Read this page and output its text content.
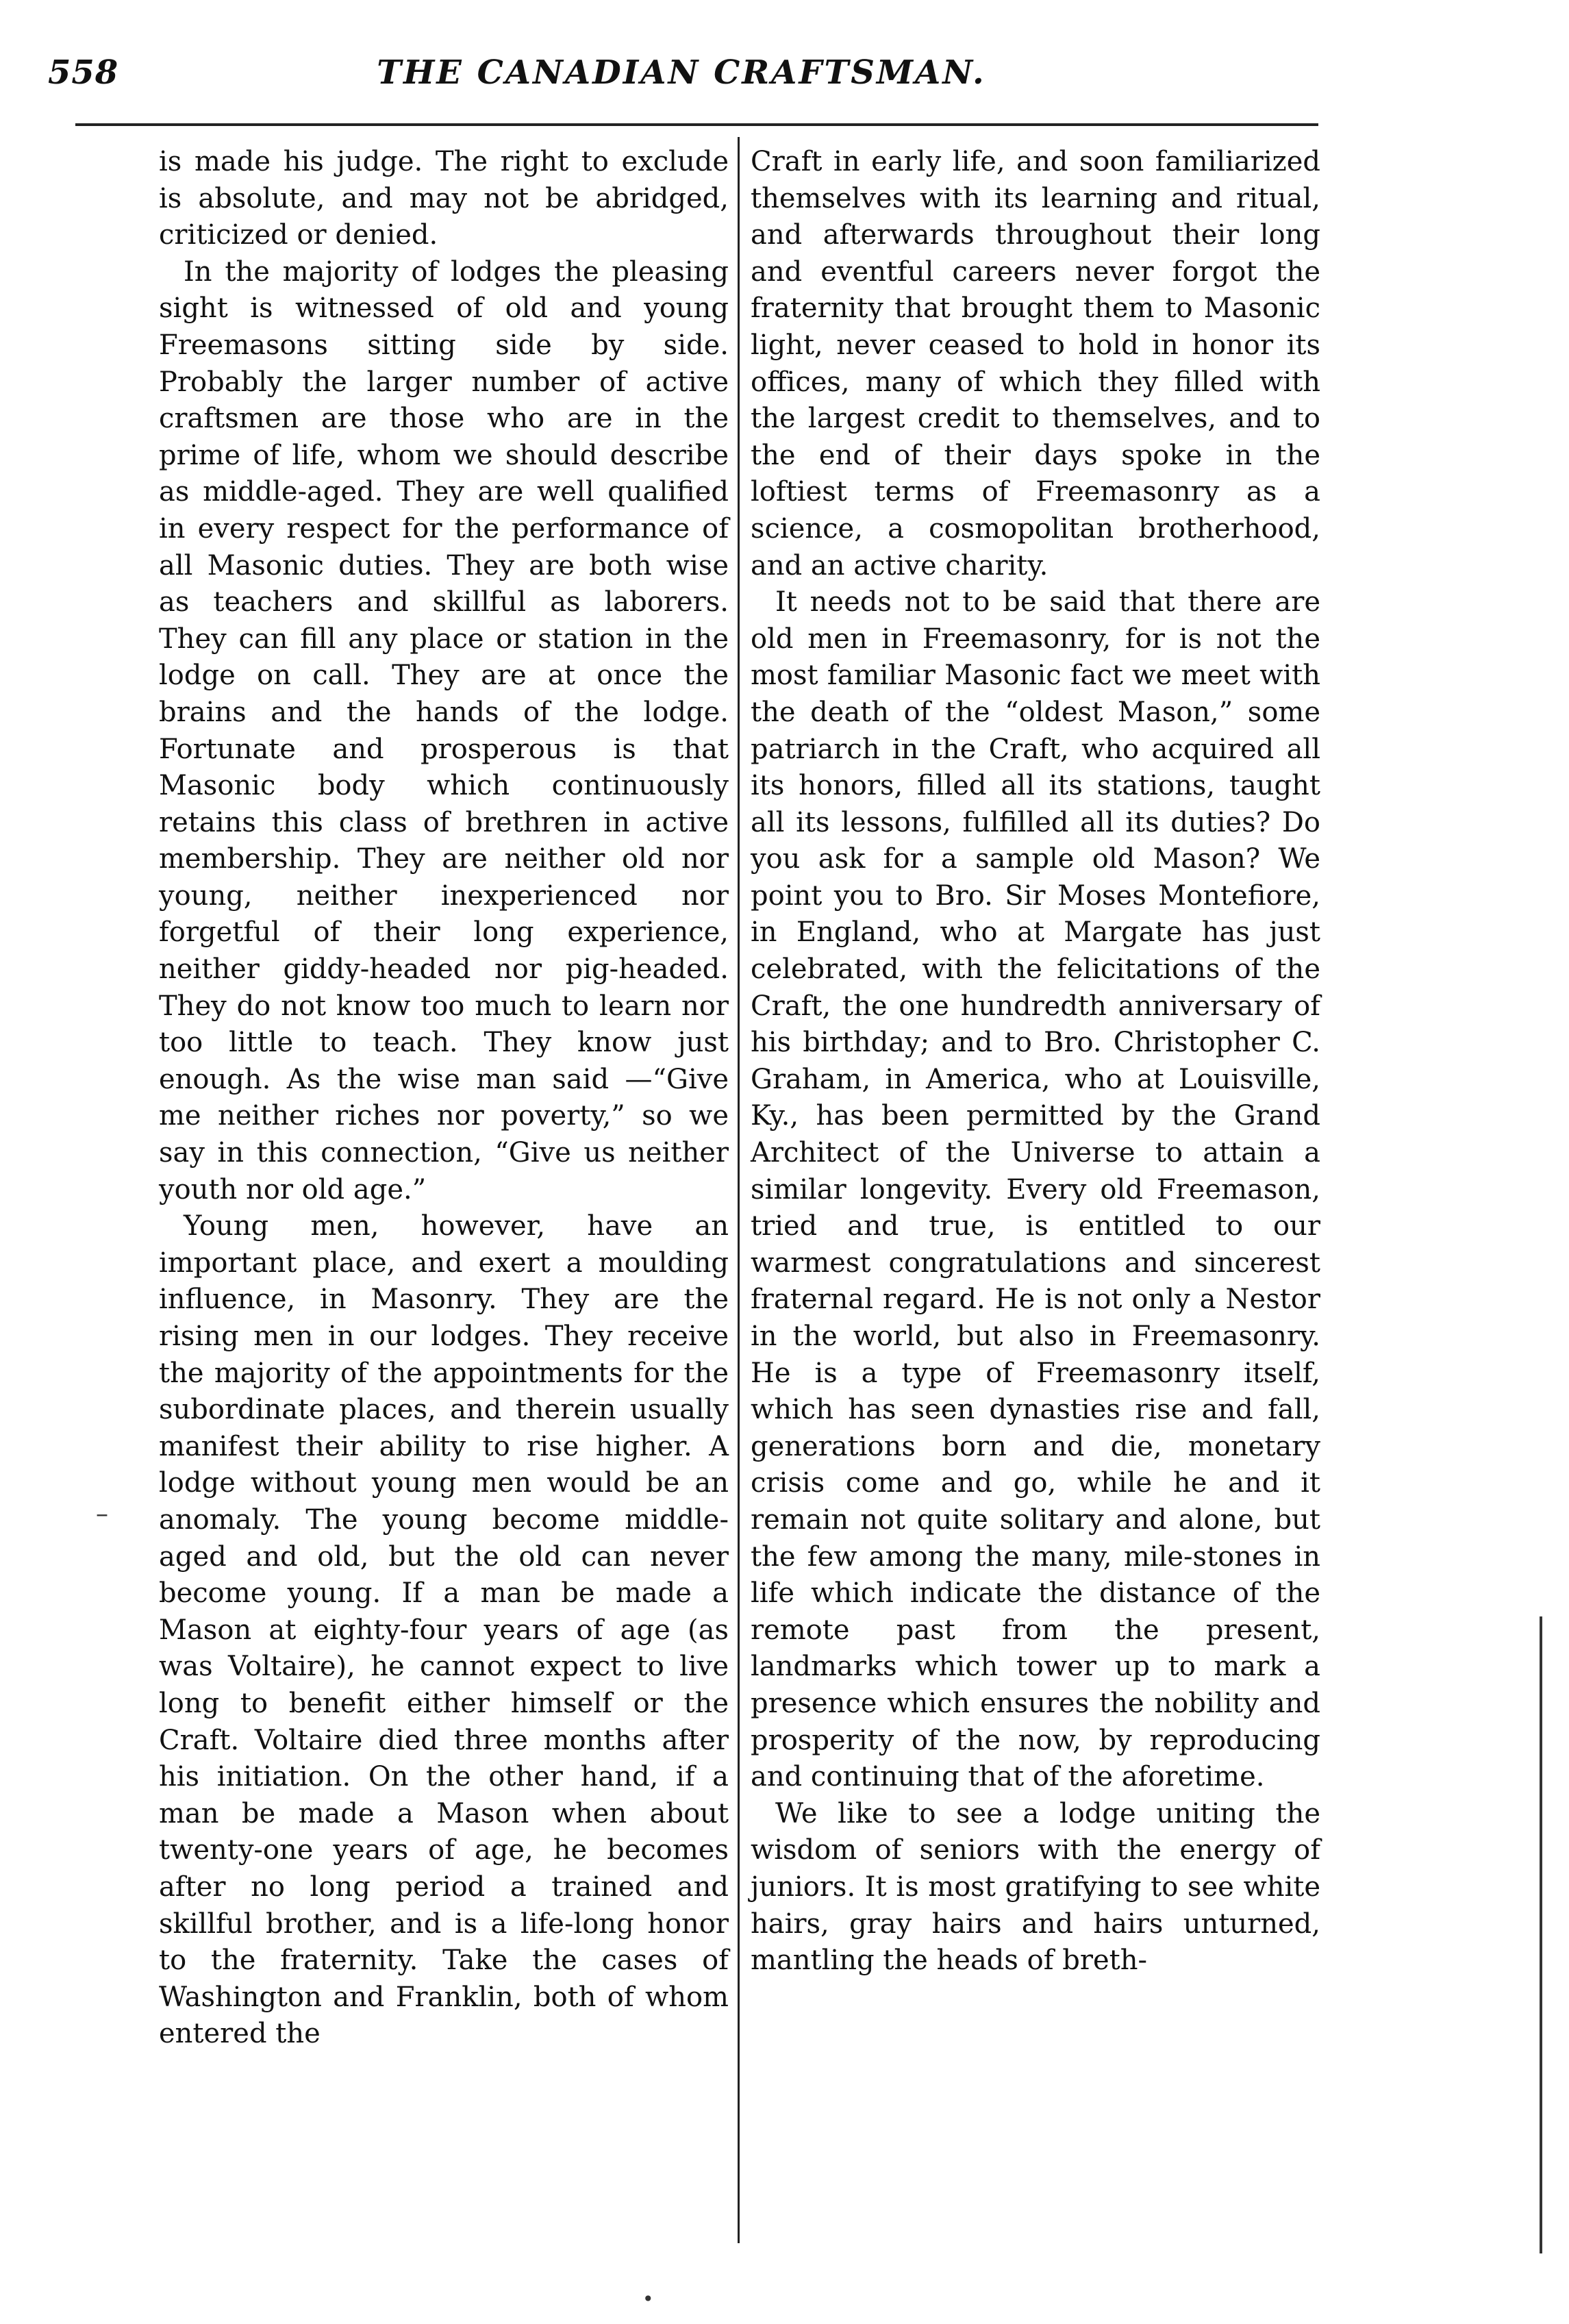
558	THE CANADIAN CRAFTSMAN.

is made his judge. The right to exclude is absolute, and may not be abridged, criticized or denied.

In the majority of lodges the pleasing sight is witnessed of old and young Freemasons sitting side by side. Probably the larger number of active craftsmen are those who are in the prime of life, whom we should describe as middle-aged. They are well qualified in every respect for the performance of all Masonic duties. They are both wise as teachers and skillful as laborers. They can fill any place or station in the lodge on call. They are at once the brains and the hands of the lodge. Fortunate and prosperous is that Masonic body which continuously retains this class of brethren in active membership. They are neither old nor young, neither inexperienced nor forgetful of their long experience, neither giddy-headed nor pig-headed. They do not know too much to learn nor too little to teach. They know just enough. As the wise man said —“Give me neither riches nor poverty,” so we say in this connection, “Give us neither youth nor old age.”

Young men, however, have an important place, and exert a moulding influence, in Masonry. They are the rising men in our lodges. They receive the majority of the appointments for the subordinate places, and therein usually manifest their ability to rise higher. A lodge without young men would be an anomaly. The young become middle-aged and old, but the old can never become young. If a man be made a Mason at eighty-four years of age (as was Voltaire), he cannot expect to live long to benefit either himself or the Craft. Voltaire died three months after his initiation. On the other hand, if a man be made a Mason when about twenty-one years of age, he becomes after no long period a trained and skillful brother, and is a life-long honor to the fraternity. Take the cases of Washington and Franklin, both of whom entered the

Craft in early life, and soon familiarized themselves with its learning and ritual, and afterwards throughout their long and eventful careers never forgot the fraternity that brought them to Masonic light, never ceased to hold in honor its offices, many of which they filled with the largest credit to themselves, and to the end of their days spoke in the loftiest terms of Freemasonry as a science, a cosmopolitan brotherhood, and an active charity.

It needs not to be said that there are old men in Freemasonry, for is not the most familiar Masonic fact we meet with the death of the “oldest Mason,” some patriarch in the Craft, who acquired all its honors, filled all its stations, taught all its lessons, fulfilled all its duties? Do you ask for a sample old Mason? We point you to Bro. Sir Moses Montefiore, in England, who at Margate has just celebrated, with the felicitations of the Craft, the one hundredth anniversary of his birthday; and to Bro. Christopher C. Graham, in America, who at Louisville, Ky., has been permitted by the Grand Architect of the Universe to attain a similar longevity. Every old Freemason, tried and true, is entitled to our warmest congratulations and sincerest fraternal regard. He is not only a Nestor in the world, but also in Freemasonry. He is a type of Freemasonry itself, which has seen dynasties rise and fall, generations born and die, monetary crisis come and go, while he and it remain not quite solitary and alone, but the few among the many, mile-stones in life which indicate the distance of the remote past from the present, landmarks which tower up to mark a presence which ensures the nobility and prosperity of the now, by reproducing and continuing that of the aforetime.

We like to see a lodge uniting the wisdom of seniors with the energy of juniors. It is most gratifying to see white hairs, gray hairs and hairs unturned, mantling the heads of breth-

–
•
